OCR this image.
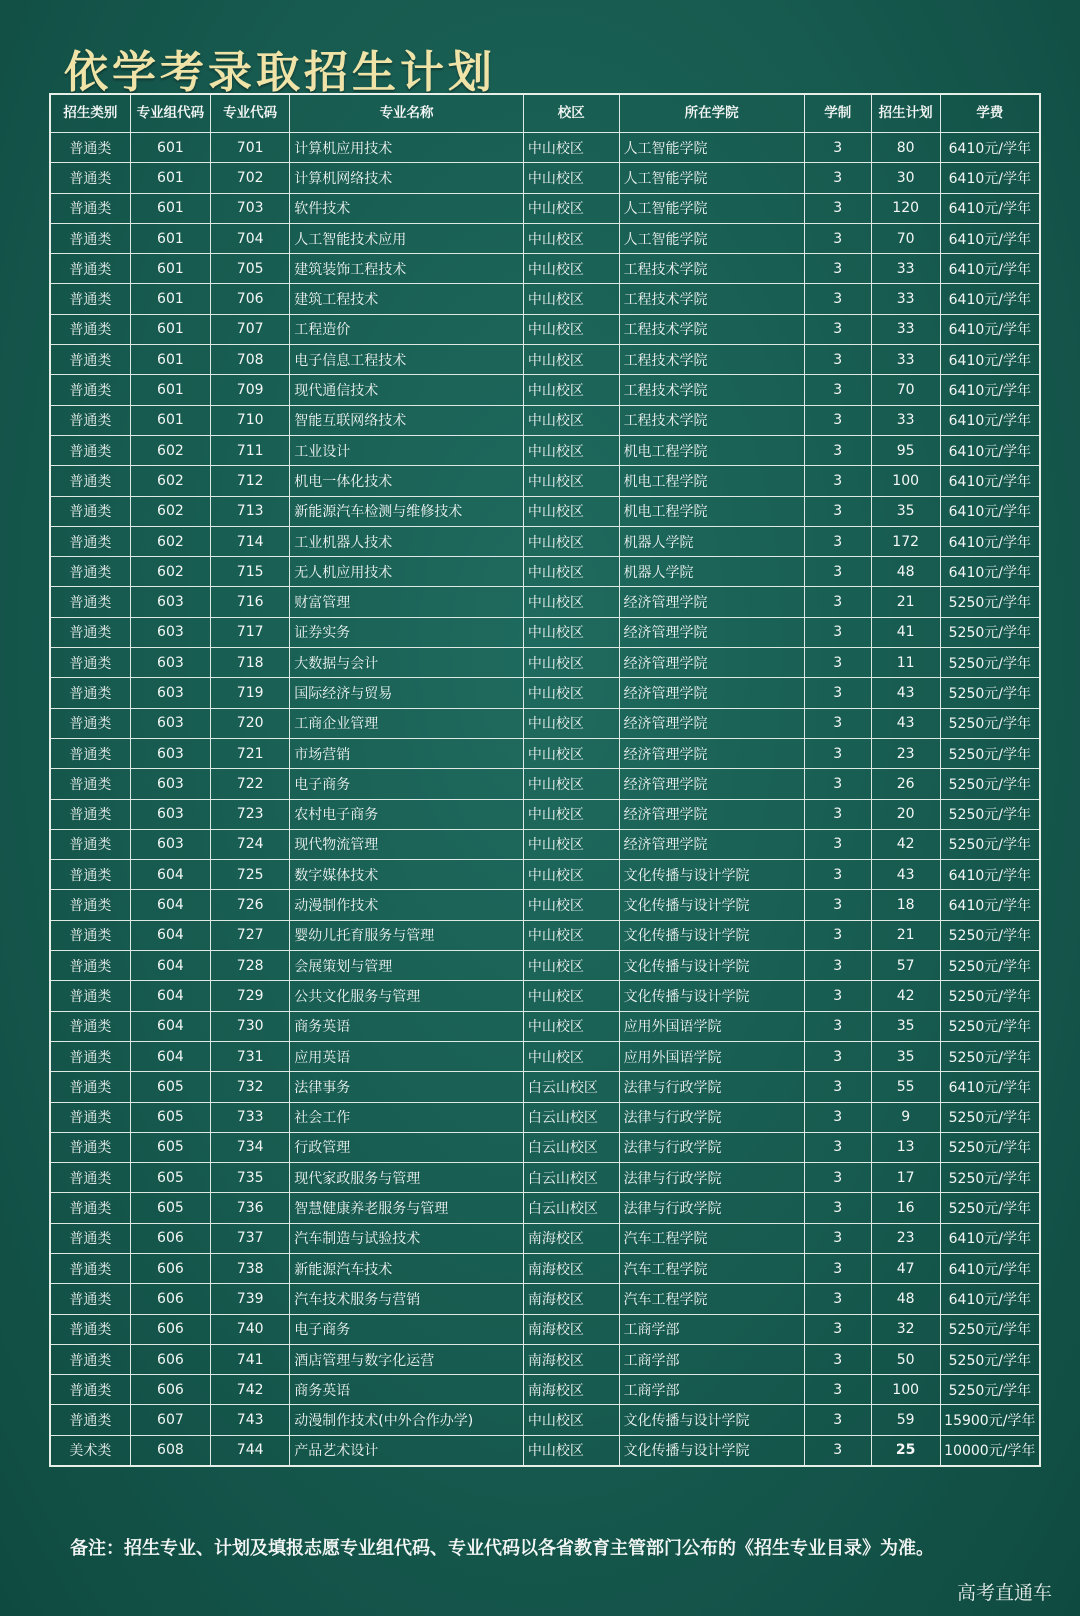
依学考录取招生计划
招生类别	专业组代码	专业代码	专业名称	校区	所在学院	学制	招生计划	学费
普通类	601	701	计算机应用技术	中山校区	人工智能学院	3	80	6410元/学年
普通类	601	702	计算机网络技术	中山校区	人工智能学院	3	30	6410元/学年
普通类	601	703	软件技术	中山校区	人工智能学院	3	120	6410元/学年
普通类	601	704	人工智能技术应用	中山校区	人工智能学院	3	70	6410元/学年
普通类	601	705	建筑装饰工程技术	中山校区	工程技术学院	3	33	6410元/学年
普通类	601	706	建筑工程技术	中山校区	工程技术学院	3	33	6410元/学年
普通类	601	707	工程造价	中山校区	工程技术学院	3	33	6410元/学年
普通类	601	708	电子信息工程技术	中山校区	工程技术学院	3	33	6410元/学年
普通类	601	709	现代通信技术	中山校区	工程技术学院	3	70	6410元/学年
普通类	601	710	智能互联网络技术	中山校区	工程技术学院	3	33	6410元/学年
普通类	602	711	工业设计	中山校区	机电工程学院	3	95	6410元/学年
普通类	602	712	机电一体化技术	中山校区	机电工程学院	3	100	6410元/学年
普通类	602	713	新能源汽车检测与维修技术	中山校区	机电工程学院	3	35	6410元/学年
普通类	602	714	工业机器人技术	中山校区	机器人学院	3	172	6410元/学年
普通类	602	715	无人机应用技术	中山校区	机器人学院	3	48	6410元/学年
普通类	603	716	财富管理	中山校区	经济管理学院	3	21	5250元/学年
普通类	603	717	证券实务	中山校区	经济管理学院	3	41	5250元/学年
普通类	603	718	大数据与会计	中山校区	经济管理学院	3	11	5250元/学年
普通类	603	719	国际经济与贸易	中山校区	经济管理学院	3	43	5250元/学年
普通类	603	720	工商企业管理	中山校区	经济管理学院	3	43	5250元/学年
普通类	603	721	市场营销	中山校区	经济管理学院	3	23	5250元/学年
普通类	603	722	电子商务	中山校区	经济管理学院	3	26	5250元/学年
普通类	603	723	农村电子商务	中山校区	经济管理学院	3	20	5250元/学年
普通类	603	724	现代物流管理	中山校区	经济管理学院	3	42	5250元/学年
普通类	604	725	数字媒体技术	中山校区	文化传播与设计学院	3	43	6410元/学年
普通类	604	726	动漫制作技术	中山校区	文化传播与设计学院	3	18	6410元/学年
普通类	604	727	婴幼儿托育服务与管理	中山校区	文化传播与设计学院	3	21	5250元/学年
普通类	604	728	会展策划与管理	中山校区	文化传播与设计学院	3	57	5250元/学年
普通类	604	729	公共文化服务与管理	中山校区	文化传播与设计学院	3	42	5250元/学年
普通类	604	730	商务英语	中山校区	应用外国语学院	3	35	5250元/学年
普通类	604	731	应用英语	中山校区	应用外国语学院	3	35	5250元/学年
普通类	605	732	法律事务	白云山校区	法律与行政学院	3	55	6410元/学年
普通类	605	733	社会工作	白云山校区	法律与行政学院	3	9	5250元/学年
普通类	605	734	行政管理	白云山校区	法律与行政学院	3	13	5250元/学年
普通类	605	735	现代家政服务与管理	白云山校区	法律与行政学院	3	17	5250元/学年
普通类	605	736	智慧健康养老服务与管理	白云山校区	法律与行政学院	3	16	5250元/学年
普通类	606	737	汽车制造与试验技术	南海校区	汽车工程学院	3	23	6410元/学年
普通类	606	738	新能源汽车技术	南海校区	汽车工程学院	3	47	6410元/学年
普通类	606	739	汽车技术服务与营销	南海校区	汽车工程学院	3	48	6410元/学年
普通类	606	740	电子商务	南海校区	工商学部	3	32	5250元/学年
普通类	606	741	酒店管理与数字化运营	南海校区	工商学部	3	50	5250元/学年
普通类	606	742	商务英语	南海校区	工商学部	3	100	5250元/学年
普通类	607	743	动漫制作技术(中外合作办学)	中山校区	文化传播与设计学院	3	59	15900元/学年
美术类	608	744	产品艺术设计	中山校区	文化传播与设计学院	3	25	10000元/学年
备注：招生专业、计划及填报志愿专业组代码、专业代码以各省教育主管部门公布的《招生专业目录》为准。
高考直通车
